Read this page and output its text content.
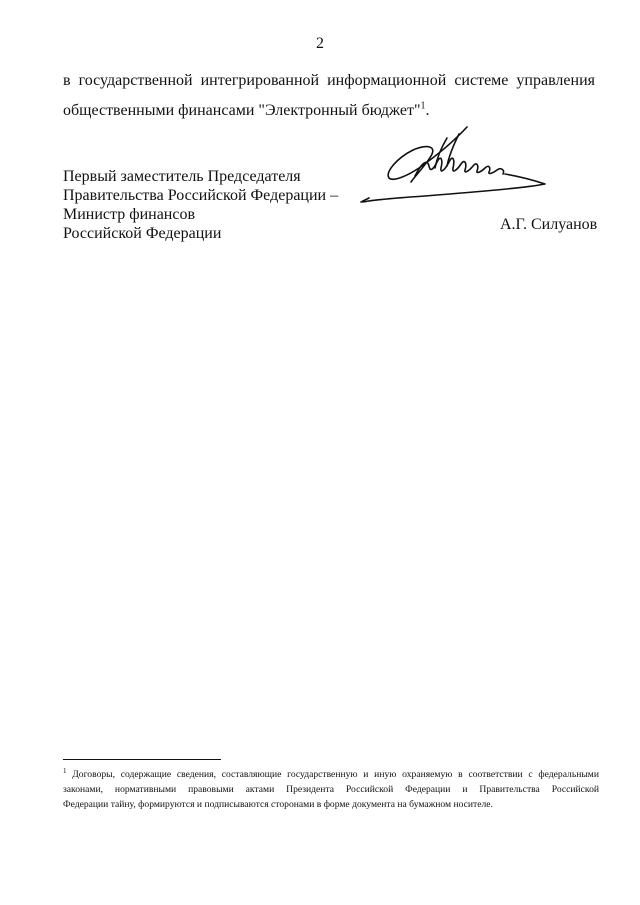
2
в государственной интегрированной информационной системе управления
общественными финансами "Электронный бюджет"$^1$.
Первый заместитель Председателя
Правительства Российской Федерации –
Министр финансов
Российской Федерации
А.Г. Силуанов
$^1$ Договоры, содержащие сведения, составляющие государственную и иную охраняемую в соответствии с федеральными
законами, нормативными правовыми актами Президента Российской Федерации и Правительства Российской
Федерации тайну, формируются и подписываются сторонами в форме документа на бумажном носителе.
